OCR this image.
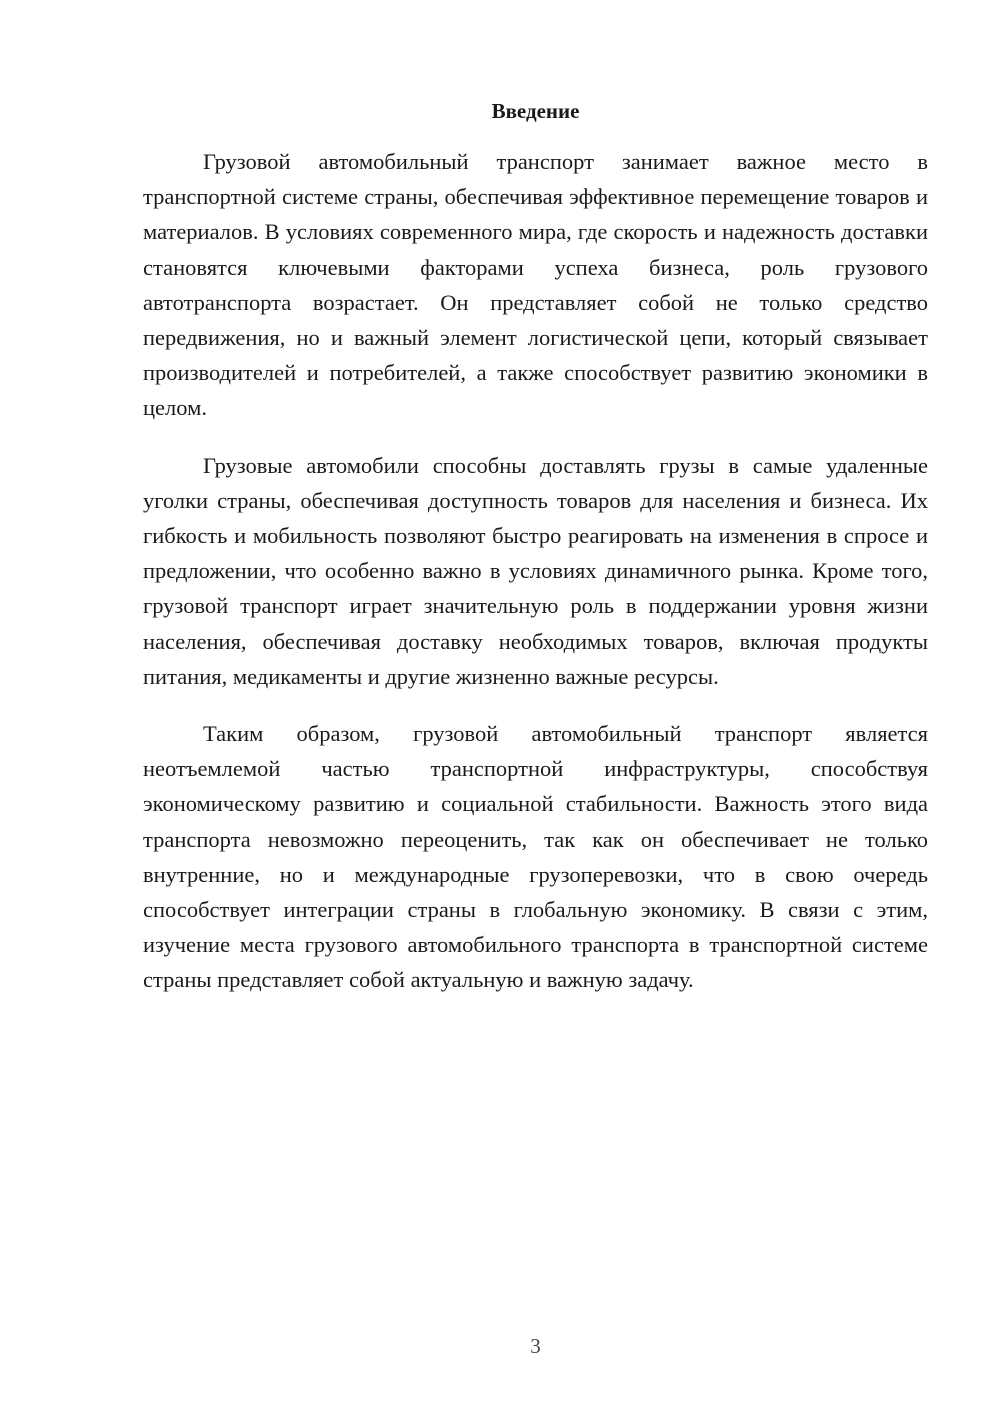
Введение

Грузовой автомобильный транспорт занимает важное место в транспортной системе страны, обеспечивая эффективное перемещение товаров и материалов. В условиях современного мира, где скорость и надежность доставки становятся ключевыми факторами успеха бизнеса, роль грузового автотранспорта возрастает. Он представляет собой не только средство передвижения, но и важный элемент логистической цепи, который связывает производителей и потребителей, а также способствует развитию экономики в целом.

Грузовые автомобили способны доставлять грузы в самые удаленные уголки страны, обеспечивая доступность товаров для населения и бизнеса. Их гибкость и мобильность позволяют быстро реагировать на изменения в спросе и предложении, что особенно важно в условиях динамичного рынка. Кроме того, грузовой транспорт играет значительную роль в поддержании уровня жизни населения, обеспечивая доставку необходимых товаров, включая продукты питания, медикаменты и другие жизненно важные ресурсы.

Таким образом, грузовой автомобильный транспорт является неотъемлемой частью транспортной инфраструктуры, способствуя экономическому развитию и социальной стабильности. Важность этого вида транспорта невозможно переоценить, так как он обеспечивает не только внутренние, но и международные грузоперевозки, что в свою очередь способствует интеграции страны в глобальную экономику. В связи с этим, изучение места грузового автомобильного транспорта в транспортной системе страны представляет собой актуальную и важную задачу.

3
